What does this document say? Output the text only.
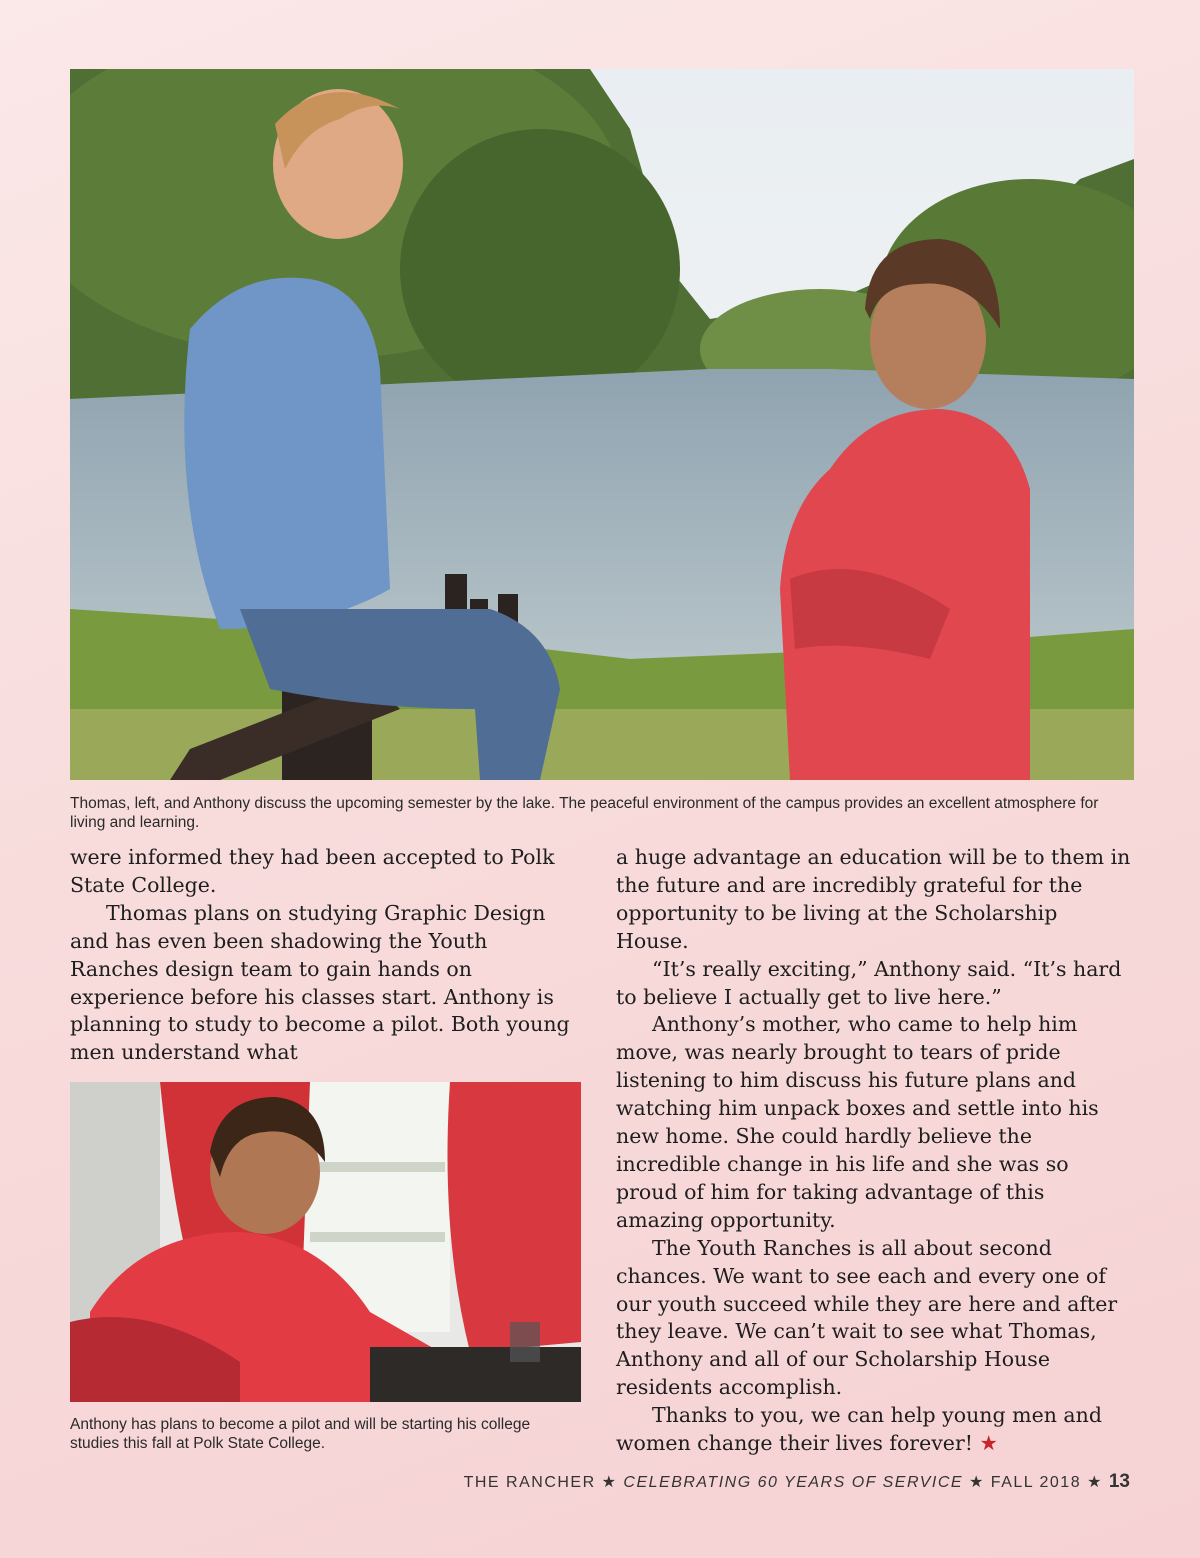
Thomas, left, and Anthony discuss the upcoming semester by the lake. The peaceful environment of the campus provides an excellent atmosphere for living and learning.

were informed they had been accepted to Polk State College.

Thomas plans on studying Graphic Design and has even been shadowing the Youth Ranches design team to gain hands on experience before his classes start. Anthony is planning to study to become a pilot. Both young men understand what

Anthony has plans to become a pilot and will be starting his college studies this fall at Polk State College.

a huge advantage an education will be to them in the future and are incredibly grateful for the opportunity to be living at the Scholarship House.

“It’s really exciting,” Anthony said. “It’s hard to believe I actually get to live here.”

Anthony’s mother, who came to help him move, was nearly brought to tears of pride listening to him discuss his future plans and watching him unpack boxes and settle into his new home. She could hardly believe the incredible change in his life and she was so proud of him for taking advantage of this amazing opportunity.

The Youth Ranches is all about second chances. We want to see each and every one of our youth succeed while they are here and after they leave. We can’t wait to see what Thomas, Anthony and all of our Scholarship House residents accomplish.

Thanks to you, we can help young men and women change their lives forever! ★

THE RANCHER ★ CELEBRATING 60 YEARS OF SERVICE ★ FALL 2018 ★ 13
